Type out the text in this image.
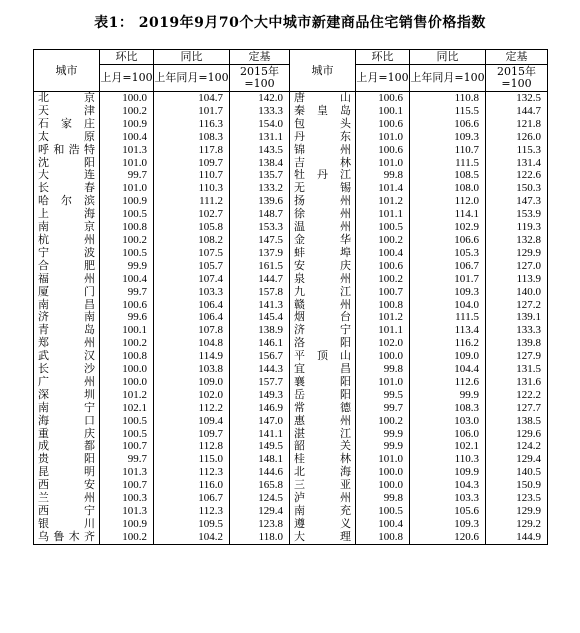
表1： 2019年9月70个大中城市新建商品住宅销售价格指数
城市	环比	同比	定基	城市	环比	同比	定基
	上月=100	上年同月=100	2015年=100		上月=100	上年同月=100	2015年=100
北京	100.0	104.7	142.0	唐山	100.6	110.8	132.5
天津	100.2	101.7	133.3	秦皇岛	100.1	115.5	144.7
石家庄	100.9	116.3	154.0	包头	100.6	106.6	121.8
太原	100.4	108.3	131.1	丹东	101.0	109.3	126.0
呼和浩特	101.3	117.8	143.5	锦州	100.6	110.7	115.3
沈阳	101.0	109.7	138.4	吉林	101.0	111.5	131.4
大连	99.7	110.7	135.7	牡丹江	99.8	108.5	122.6
长春	101.0	110.3	133.2	无锡	101.4	108.0	150.3
哈尔滨	100.9	111.2	139.6	扬州	101.2	112.0	147.3
上海	100.5	102.7	148.7	徐州	101.1	114.1	153.9
南京	100.8	105.8	153.3	温州	100.5	102.9	119.3
杭州	100.2	108.2	147.5	金华	100.2	106.6	132.8
宁波	100.5	107.5	137.9	蚌埠	100.4	105.3	129.9
合肥	99.9	105.7	161.5	安庆	100.6	106.7	127.0
福州	100.4	107.4	144.7	泉州	100.2	101.7	113.9
厦门	99.7	103.3	157.8	九江	100.7	109.3	140.0
南昌	100.6	106.4	141.3	赣州	100.8	104.0	127.2
济南	99.6	106.4	145.4	烟台	101.2	111.5	139.1
青岛	100.1	107.8	138.9	济宁	101.1	113.4	133.3
郑州	100.2	104.8	146.1	洛阳	102.0	116.2	139.8
武汉	100.8	114.9	156.7	平顶山	100.0	109.0	127.9
长沙	100.0	103.8	144.3	宜昌	99.8	104.4	131.5
广州	100.0	109.0	157.7	襄阳	101.0	112.6	131.6
深圳	101.2	102.0	149.3	岳阳	99.5	99.9	122.2
南宁	102.1	112.2	146.9	常德	99.7	108.3	127.7
海口	100.5	109.4	147.0	惠州	100.2	103.0	138.5
重庆	100.5	109.7	141.1	湛江	99.9	106.0	129.6
成都	100.7	112.8	149.5	韶关	99.9	102.1	124.2
贵阳	99.7	115.0	148.1	桂林	101.0	110.3	129.4
昆明	101.3	112.3	144.6	北海	100.0	109.9	140.5
西安	100.7	116.0	165.8	三亚	100.0	104.3	150.9
兰州	100.3	106.7	124.5	泸州	99.8	103.3	123.5
西宁	101.3	112.3	129.4	南充	100.5	105.6	129.9
银川	100.9	109.5	123.8	遵义	100.4	109.3	129.2
乌鲁木齐	100.2	104.2	118.0	大理	100.8	120.6	144.9
